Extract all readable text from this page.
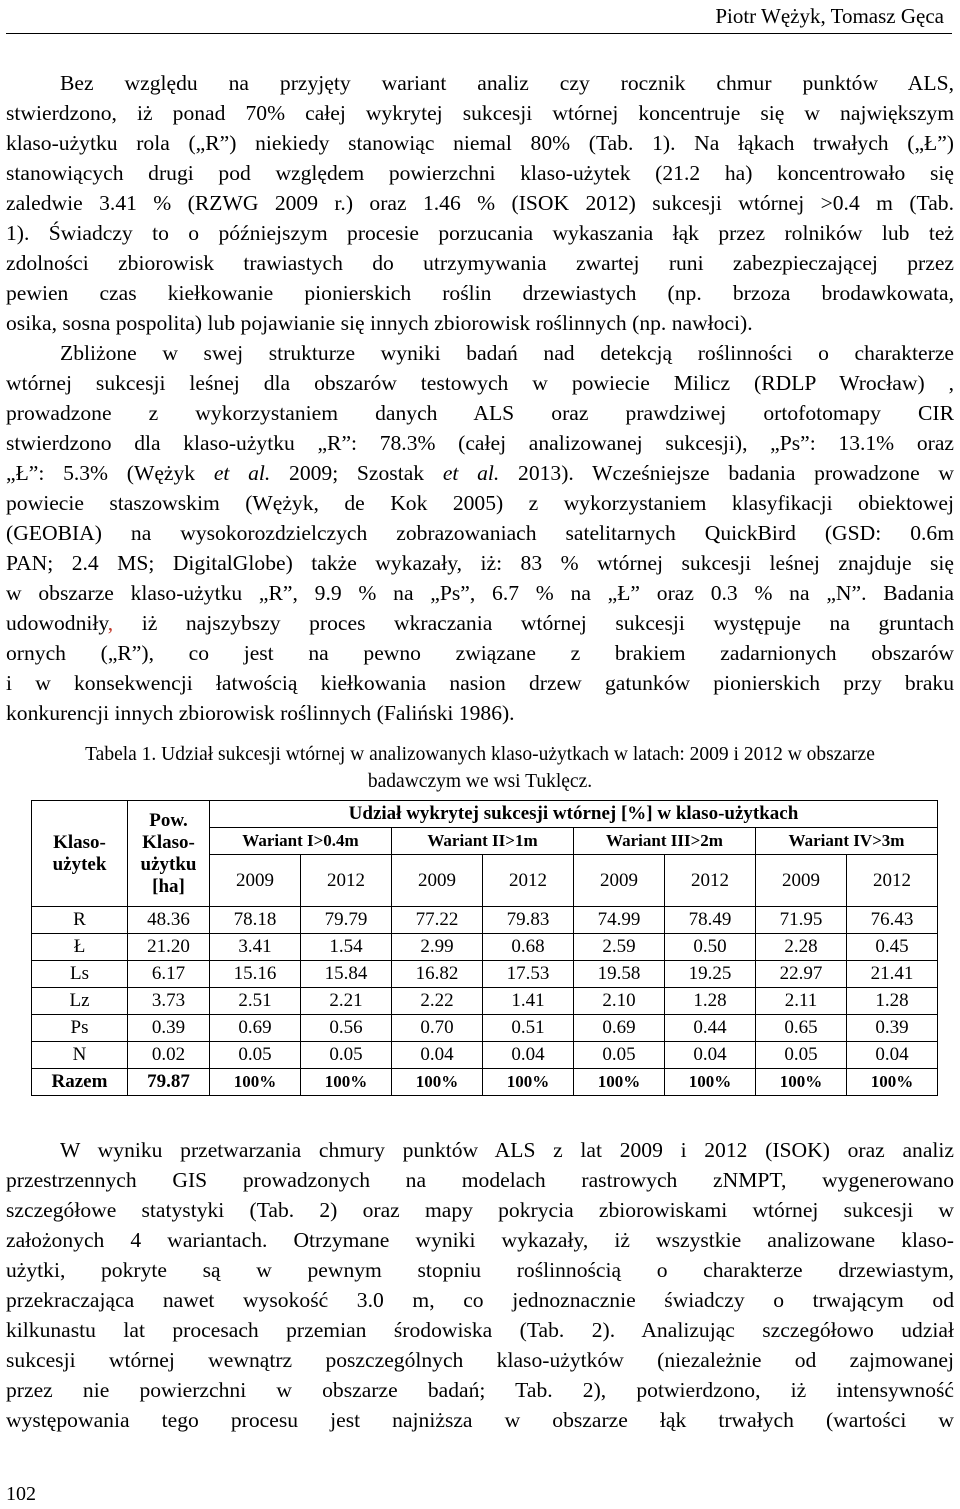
Piotr Wężyk, Tomasz Gęca
Bez względu na przyjęty wariant analiz czy rocznik chmur punktów ALS,
stwierdzono, iż ponad 70% całej wykrytej sukcesji wtórnej koncentruje się w największym
klaso-użytku rola („R”) niekiedy stanowiąc niemal 80% (Tab. 1). Na łąkach trwałych („Ł”)
stanowiących drugi pod względem powierzchni klaso-użytek (21.2 ha) koncentrowało się
zaledwie 3.41 % (RZWG 2009 r.) oraz 1.46 % (ISOK 2012) sukcesji wtórnej >0.4 m (Tab.
1). Świadczy to o późniejszym procesie porzucania wykaszania łąk przez rolników lub też
zdolności zbiorowisk trawiastych do utrzymywania zwartej runi zabezpieczającej przez
pewien czas kiełkowanie pionierskich roślin drzewiastych (np. brzoza brodawkowata,
osika, sosna pospolita) lub pojawianie się innych zbiorowisk roślinnych (np. nawłoci).
Zbliżone w swej strukturze wyniki badań nad detekcją roślinności o charakterze
wtórnej sukcesji leśnej dla obszarów testowych w powiecie Milicz (RDLP Wrocław) ,
prowadzone z wykorzystaniem danych ALS oraz prawdziwej ortofotomapy CIR
stwierdzono dla klaso-użytku „R”: 78.3% (całej analizowanej sukcesji), „Ps”: 13.1% oraz
„Ł”: 5.3% (Wężyk et al. 2009; Szostak et al. 2013). Wcześniejsze badania prowadzone w
powiecie staszowskim (Wężyk, de Kok 2005) z wykorzystaniem klasyfikacji obiektowej
(GEOBIA) na wysokorozdzielczych zobrazowaniach satelitarnych QuickBird (GSD: 0.6m
PAN; 2.4 MS; DigitalGlobe) także wykazały, iż: 83 % wtórnej sukcesji leśnej znajduje się
w obszarze klaso-użytku „R”, 9.9 % na „Ps”, 6.7 % na „Ł” oraz 0.3 % na „N”. Badania
udowodniły, iż najszybszy proces wkraczania wtórnej sukcesji występuje na gruntach
ornych („R”), co jest na pewno związane z brakiem zadarnionych obszarów
i w konsekwencji łatwością kiełkowania nasion drzew gatunków pionierskich przy braku
konkurencji innych zbiorowisk roślinnych (Faliński 1986).
Tabela 1. Udział sukcesji wtórnej w analizowanych klaso-użytkach w latach: 2009 i 2012 w obszarze
badawczym we wsi Tuklęcz.
Klaso-użytek	Pow. Klaso-użytku [ha]	Udział wykrytej sukcesji wtórnej [%] w klaso-użytkach							
		Wariant I>0.4m		Wariant II>1m		Wariant III>2m		Wariant IV>3m	
		2009	2012	2009	2012	2009	2012	2009	2012
R	48.36	78.18	79.79	77.22	79.83	74.99	78.49	71.95	76.43
Ł	21.20	3.41	1.54	2.99	0.68	2.59	0.50	2.28	0.45
Ls	6.17	15.16	15.84	16.82	17.53	19.58	19.25	22.97	21.41
Lz	3.73	2.51	2.21	2.22	1.41	2.10	1.28	2.11	1.28
Ps	0.39	0.69	0.56	0.70	0.51	0.69	0.44	0.65	0.39
N	0.02	0.05	0.05	0.04	0.04	0.05	0.04	0.05	0.04
Razem	79.87	100%	100%	100%	100%	100%	100%	100%	100%
W wyniku przetwarzania chmury punktów ALS z lat 2009 i 2012 (ISOK) oraz analiz
przestrzennych GIS prowadzonych na modelach rastrowych zNMPT, wygenerowano
szczegółowe statystyki (Tab. 2) oraz mapy pokrycia zbiorowiskami wtórnej sukcesji w
założonych 4 wariantach. Otrzymane wyniki wykazały, iż wszystkie analizowane klaso-
użytki, pokryte są w pewnym stopniu roślinnością o charakterze drzewiastym,
przekraczająca nawet wysokość 3.0 m, co jednoznacznie świadczy o trwającym od
kilkunastu lat procesach przemian środowiska (Tab. 2). Analizując szczegółowo udział
sukcesji wtórnej wewnątrz poszczególnych klaso-użytków (niezależnie od zajmowanej
przez nie powierzchni w obszarze badań; Tab. 2), potwierdzono, iż intensywność
występowania tego procesu jest najniższa w obszarze łąk trwałych (wartości w
102
